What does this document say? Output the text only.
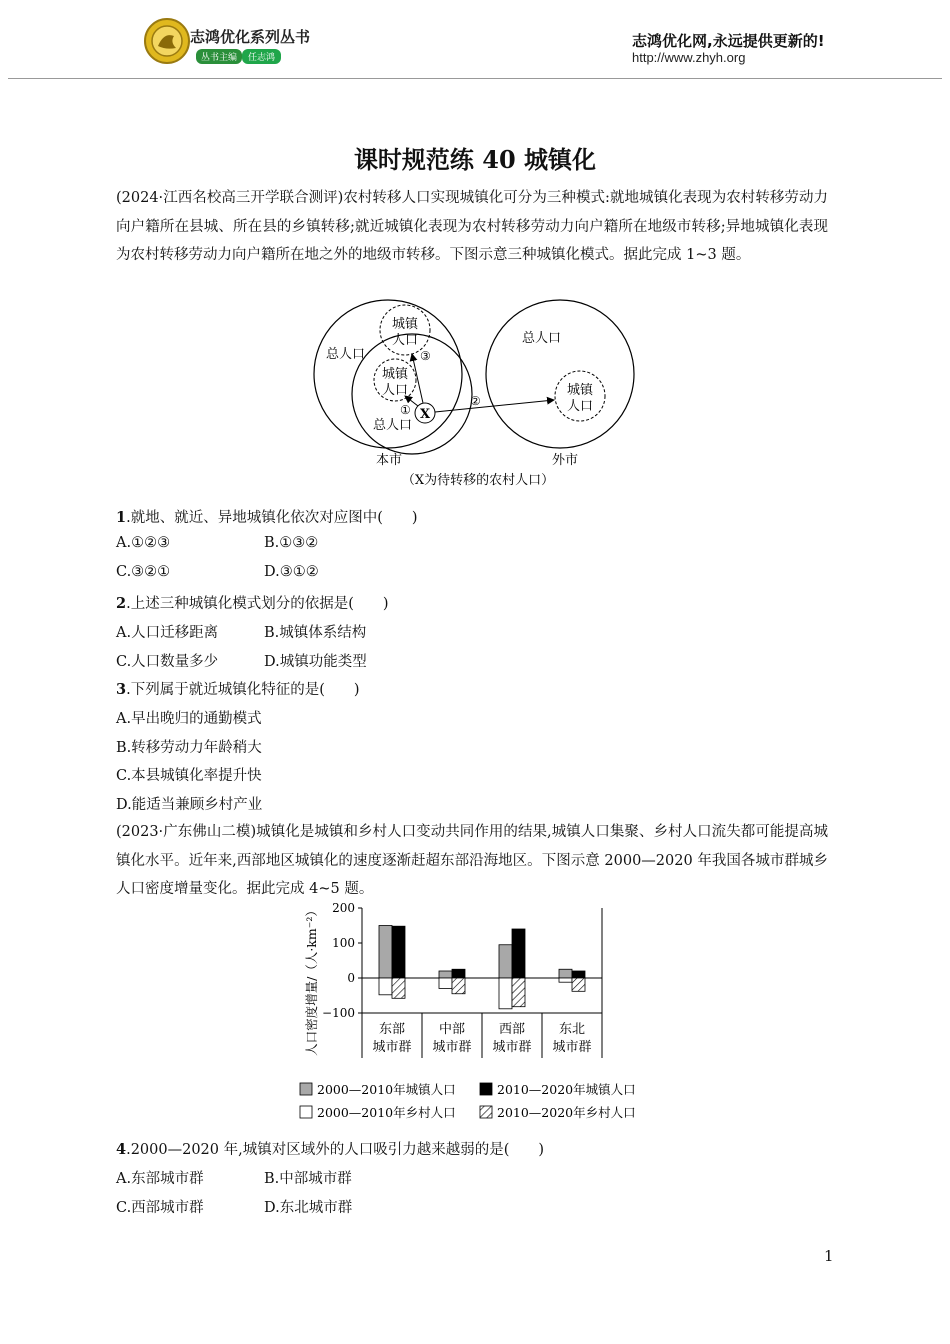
志鸿优化系列丛书
丛书主编	任志鸿
志鸿优化网,永远提供更新的!
http://www.zhyh.org
课时规范练 40 城镇化
(2024·江西名校高三开学联合测评)农村转移人口实现城镇化可分为三种模式:就地城镇化表现为农村转移劳动力向户籍所在县城、所在县的乡镇转移;就近城镇化表现为农村转移劳动力向户籍所在地级市转移;异地城镇化表现为农村转移劳动力向户籍所在地之外的地级市转移。下图示意三种城镇化模式。据此完成 1~3 题。
X
城镇
人口
城镇
人口	城镇
人口
总人口
总人口
总人口
①
②
③
本市	外市
（X为待转移的农村人口）
1.就地、就近、异地城镇化依次对应图中(　　)
A.①②③	B.①③②
C.③②①	D.③①②
2.上述三种城镇化模式划分的依据是(　　)
A.人口迁移距离	B.城镇体系结构
C.人口数量多少	D.城镇功能类型
3.下列属于就近城镇化特征的是(　　)
A.早出晚归的通勤模式
B.转移劳动力年龄稍大
C.本县城镇化率提升快
D.能适当兼顾乡村产业
(2023·广东佛山二模)城镇化是城镇和乡村人口变动共同作用的结果,城镇人口集聚、乡村人口流失都可能提高城镇化水平。近年来,西部地区城镇化的速度逐渐赶超东部沿海地区。下图示意 2000—2020 年我国各城市群城乡人口密度增量变化。据此完成 4~5 题。
人口密度增量/（人·km⁻²） 200
100
0
−100
东部
城市群
中部
城市群
西部
城市群
东北
城市群
2000—2010年城镇人口	2010—2020年城镇人口
2000—2010年乡村人口	2010—2020年乡村人口
4.2000—2020 年,城镇对区域外的人口吸引力越来越弱的是(　　)
A.东部城市群	B.中部城市群
C.西部城市群	D.东北城市群
1
